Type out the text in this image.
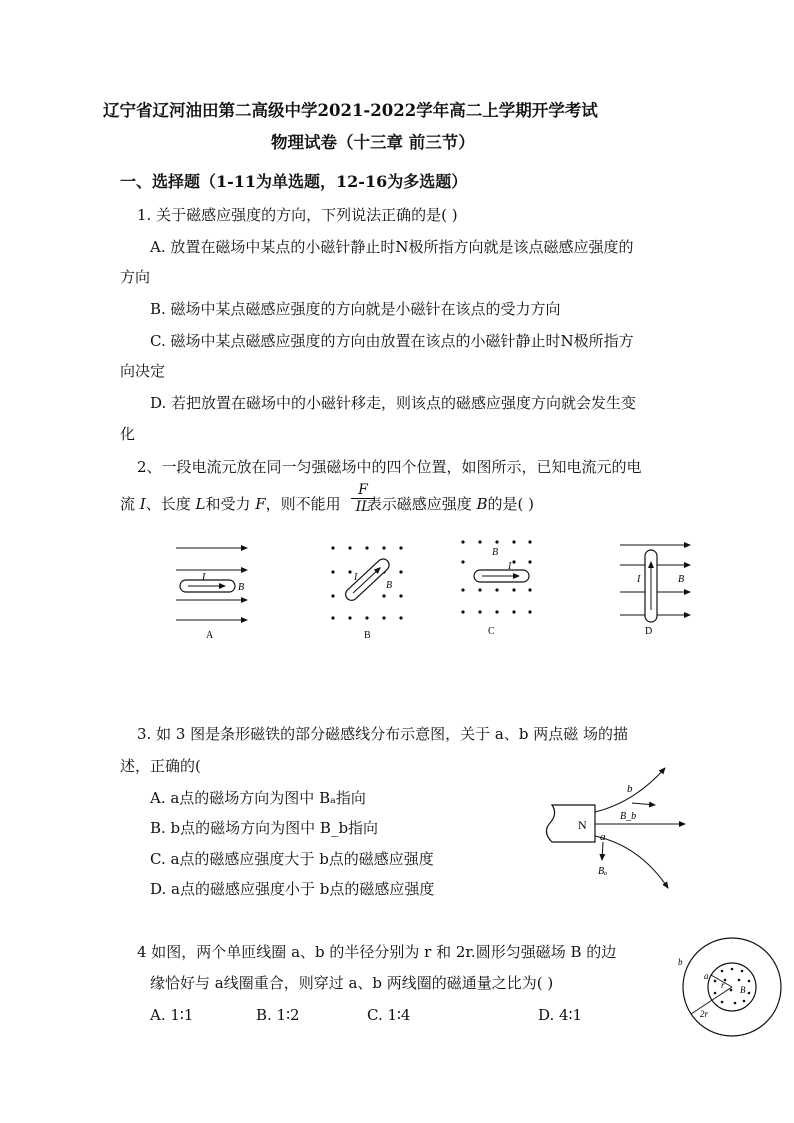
辽宁省辽河油田第二高级中学2021-2022学年高二上学期开学考试
物理试卷（十三章 前三节）
一、选择题（1-11为单选题，12-16为多选题）
1. 关于磁感应强度的方向，下列说法正确的是( )
A. 放置在磁场中某点的小磁针静止时N极所指方向就是该点磁感应强度的
方向
B. 磁场中某点磁感应强度的方向就是小磁针在该点的受力方向
C. 磁场中某点磁感应强度的方向由放置在该点的小磁针静止时N极所指方
向决定
D. 若把放置在磁场中的小磁针移走，则该点的磁感应强度方向就会发生变
化
2、一段电流元放在同一匀强磁场中的四个位置，如图所示，已知电流元的电
流 I、长度 L和受力 F，则不能用 表示磁感应强度 B的是( )
$\frac{F}{IL}$
I
B
A
I
B
B
B
I
C
I	B
D
3. 如 3 图是条形磁铁的部分磁感线分布示意图，关于 a、b 两点磁 场的描
述，正确的(
A. a点的磁场方向为图中 Bₐ指向
B. b点的磁场方向为图中 B_b指向
C. a点的磁感应强度大于 b点的磁感应强度
D. a点的磁感应强度小于 b点的磁感应强度
N
b
B_b
a
Bₐ
4 如图，两个单匝线圈 a、b 的半径分别为 r 和 2r.圆形匀强磁场 B 的边
缘恰好与 a线圈重合，则穿过 a、b 两线圈的磁通量之比为( )
A. 1∶1	B. 1∶2	C. 1∶4	D. 4∶1
b
a
r B
2r
